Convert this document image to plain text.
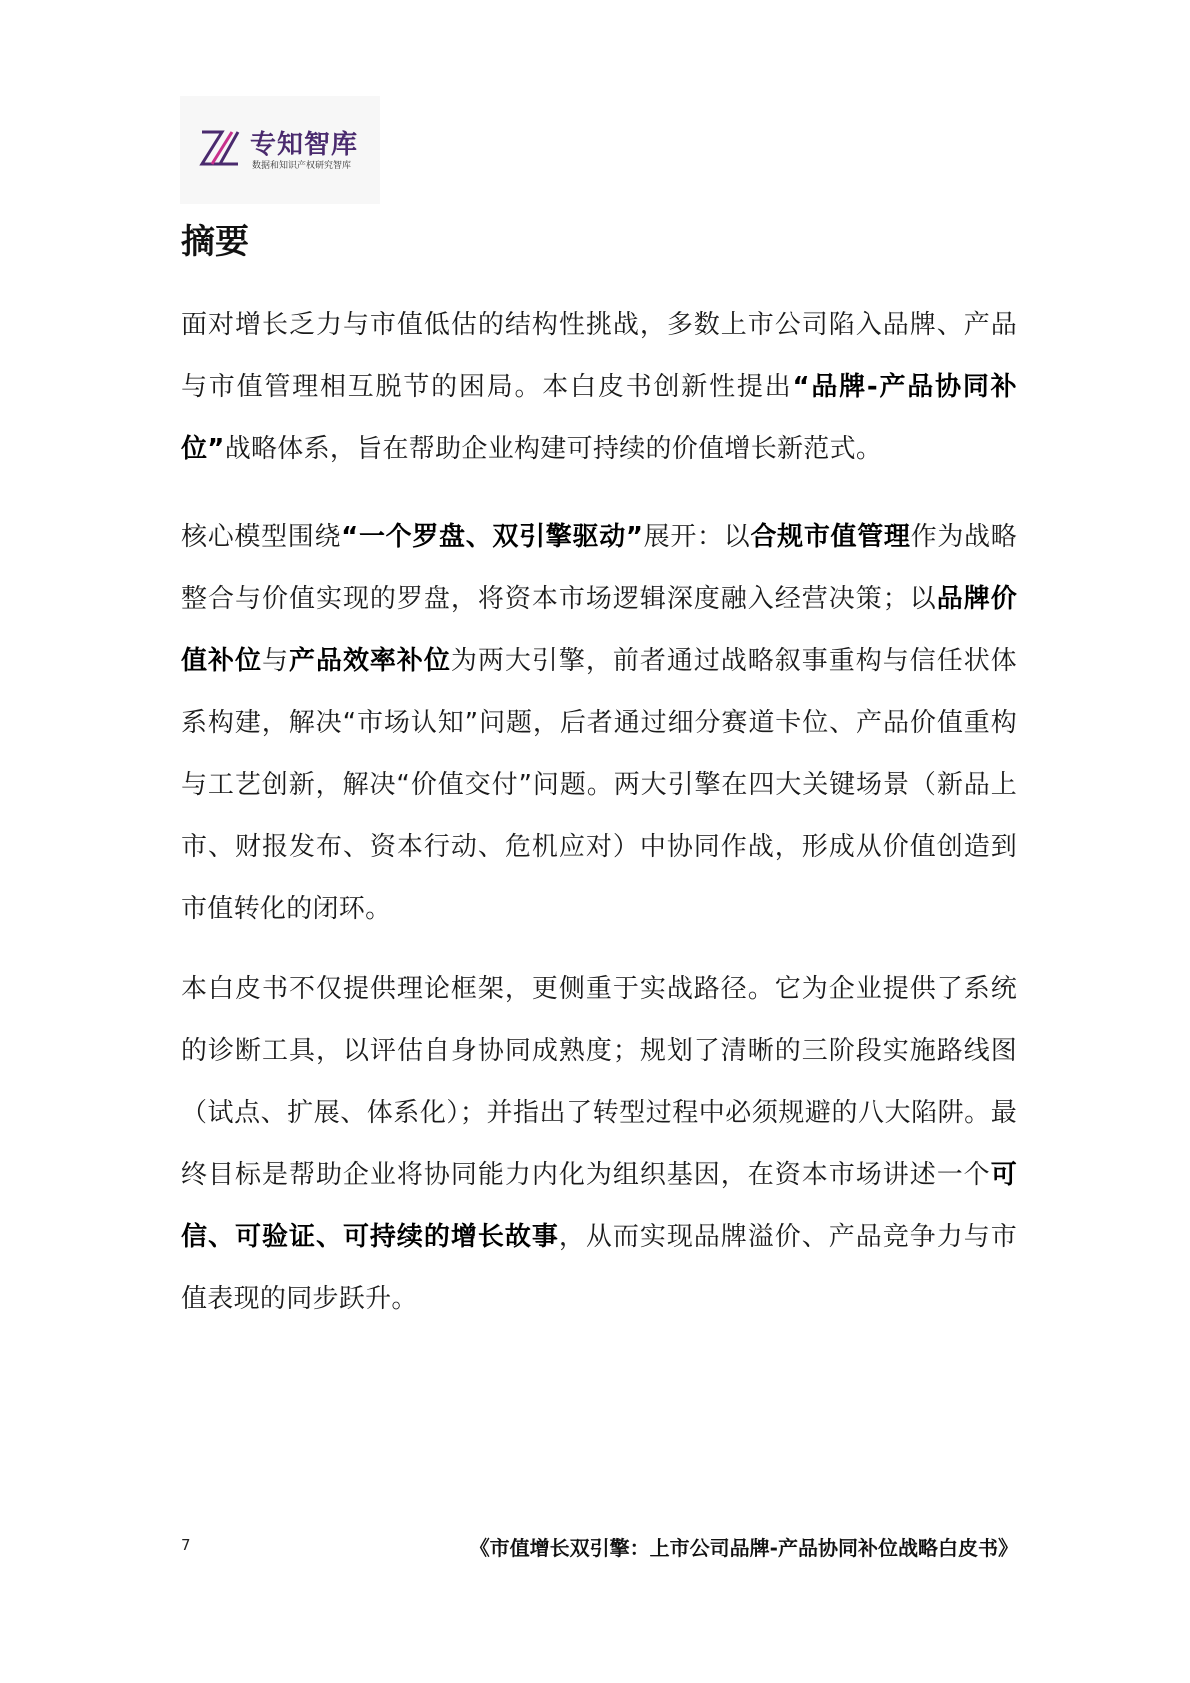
专知智库
数据和知识产权研究智库
摘要

面对增长乏力与市值低估的结构性挑战，多数上市公司陷入品牌、产品与市值管理相互脱节的困局。本白皮书创新性提出“品牌-产品协同补位”战略体系，旨在帮助企业构建可持续的价值增长新范式。

核心模型围绕“一个罗盘、双引擎驱动”展开：以合规市值管理作为战略整合与价值实现的罗盘，将资本市场逻辑深度融入经营决策；以品牌价值补位与产品效率补位为两大引擎，前者通过战略叙事重构与信任状体系构建，解决“市场认知”问题，后者通过细分赛道卡位、产品价值重构与工艺创新，解决“价值交付”问题。两大引擎在四大关键场景（新品上市、财报发布、资本行动、危机应对）中协同作战，形成从价值创造到市值转化的闭环。

本白皮书不仅提供理论框架，更侧重于实战路径。它为企业提供了系统的诊断工具，以评估自身协同成熟度；规划了清晰的三阶段实施路线图（试点、扩展、体系化）；并指出了转型过程中必须规避的八大陷阱。最终目标是帮助企业将协同能力内化为组织基因，在资本市场讲述一个可信、可验证、可持续的增长故事，从而实现品牌溢价、产品竞争力与市值表现的同步跃升。

7	《市值增长双引擎：上市公司品牌-产品协同补位战略白皮书》
